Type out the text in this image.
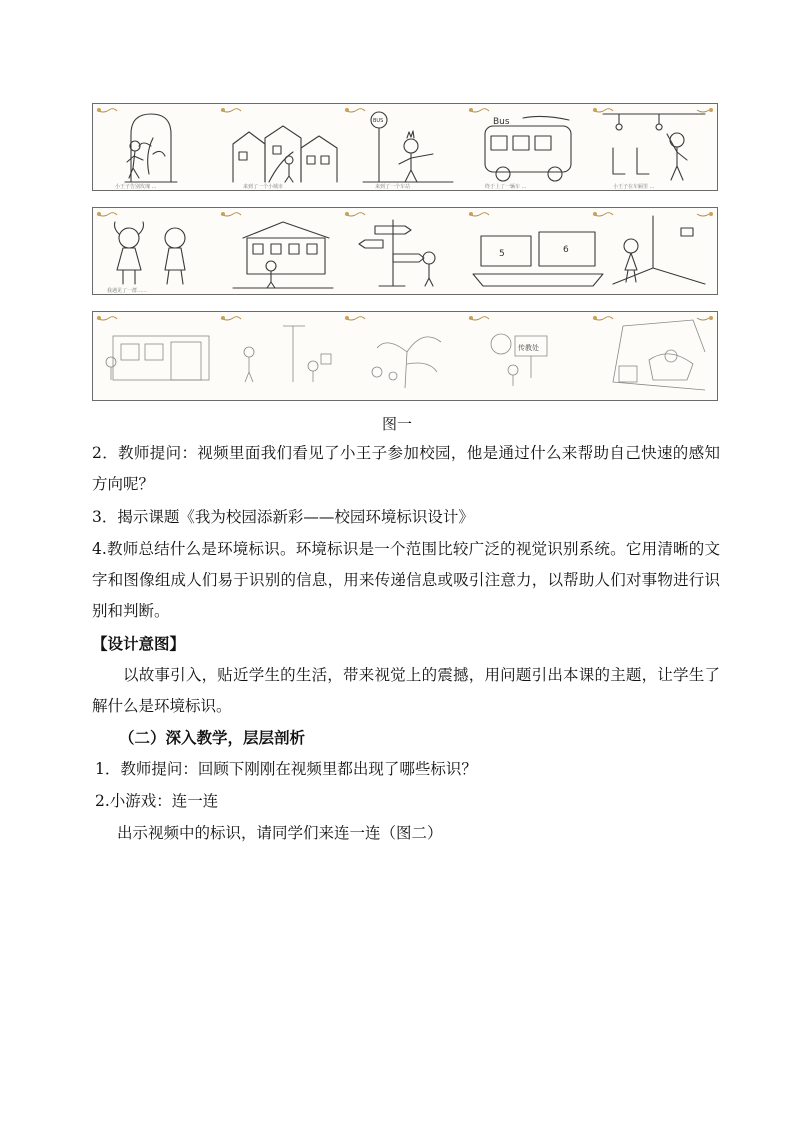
小王子告别玫瑰 …	来到了一个小城市
BUS
来到了一个车站
Bus
终于上了一辆车 …	小王子在车厢里 …
我遇见了一群……
5	6
传教处
图一
2．教师提问：视频里面我们看见了小王子参加校园，他是通过什么来帮助自己快速的感知方向呢？
3．揭示课题《我为校园添新彩——校园环境标识设计》
4.教师总结什么是环境标识。环境标识是一个范围比较广泛的视觉识别系统。它用清晰的文字和图像组成人们易于识别的信息，用来传递信息或吸引注意力，以帮助人们对事物进行识别和判断。
【设计意图】
以故事引入，贴近学生的生活，带来视觉上的震撼，用问题引出本课的主题，让学生了解什么是环境标识。
（二）深入教学，层层剖析
1．教师提问：回顾下刚刚在视频里都出现了哪些标识？
2.小游戏：连一连
出示视频中的标识，请同学们来连一连（图二）
